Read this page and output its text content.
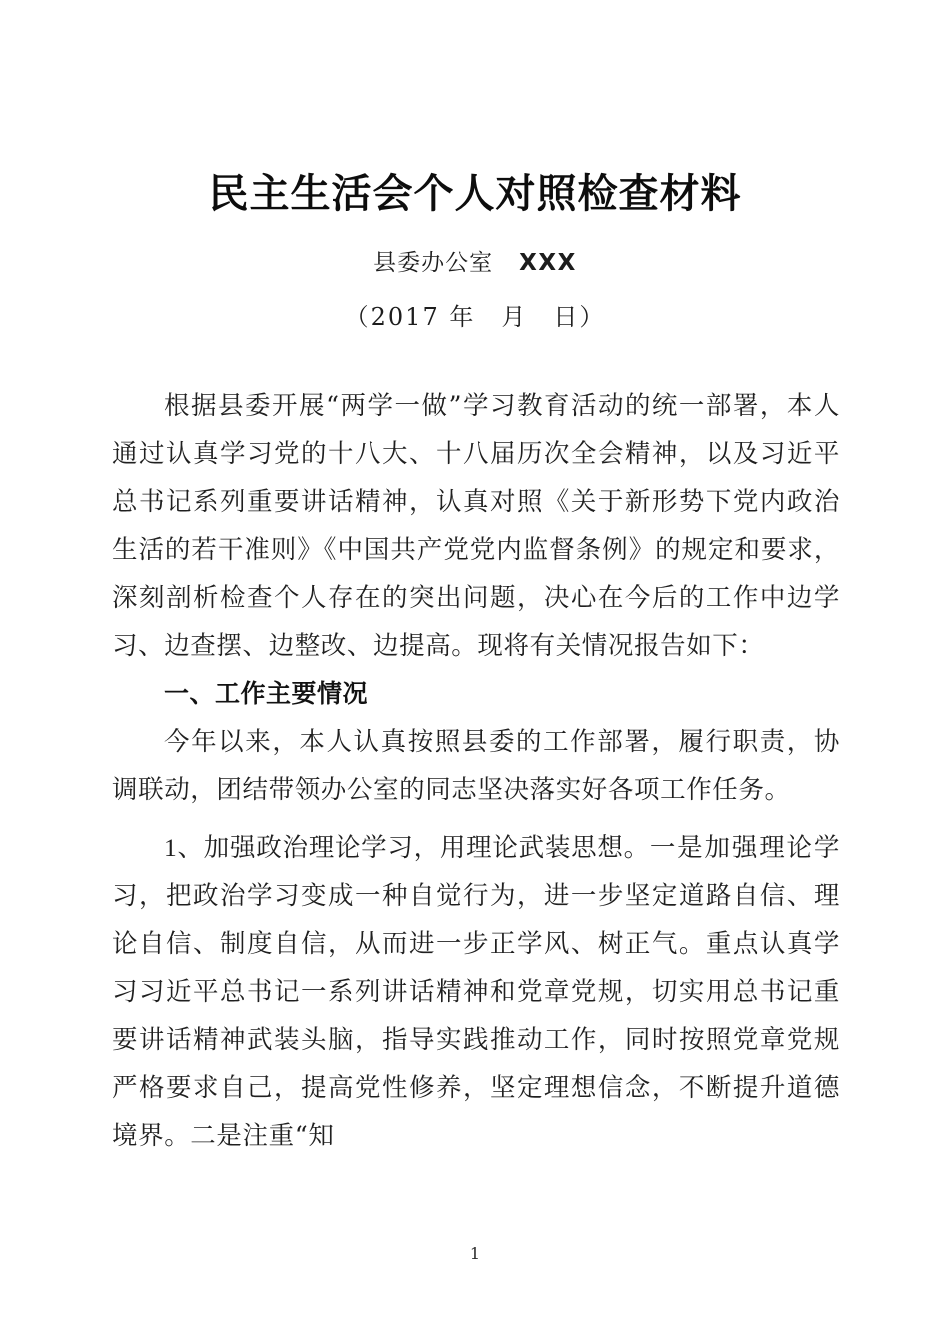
民主生活会个人对照检查材料
县委办公室 XXX
（2017 年　月　日）

根据县委开展“两学一做”学习教育活动的统一部署，本人通过认真学习党的十八大、十八届历次全会精神，以及习近平总书记系列重要讲话精神，认真对照《关于新形势下党内政治生活的若干准则》《中国共产党党内监督条例》的规定和要求，深刻剖析检查个人存在的突出问题，决心在今后的工作中边学习、边查摆、边整改、边提高。现将有关情况报告如下：

一、工作主要情况

今年以来，本人认真按照县委的工作部署，履行职责，协调联动，团结带领办公室的同志坚决落实好各项工作任务。

1、加强政治理论学习，用理论武装思想。一是加强理论学习，把政治学习变成一种自觉行为，进一步坚定道路自信、理论自信、制度自信，从而进一步正学风、树正气。重点认真学习习近平总书记一系列讲话精神和党章党规，切实用总书记重要讲话精神武装头脑，指导实践推动工作，同时按照党章党规严格要求自己，提高党性修养，坚定理想信念，不断提升道德境界。二是注重“知

1
